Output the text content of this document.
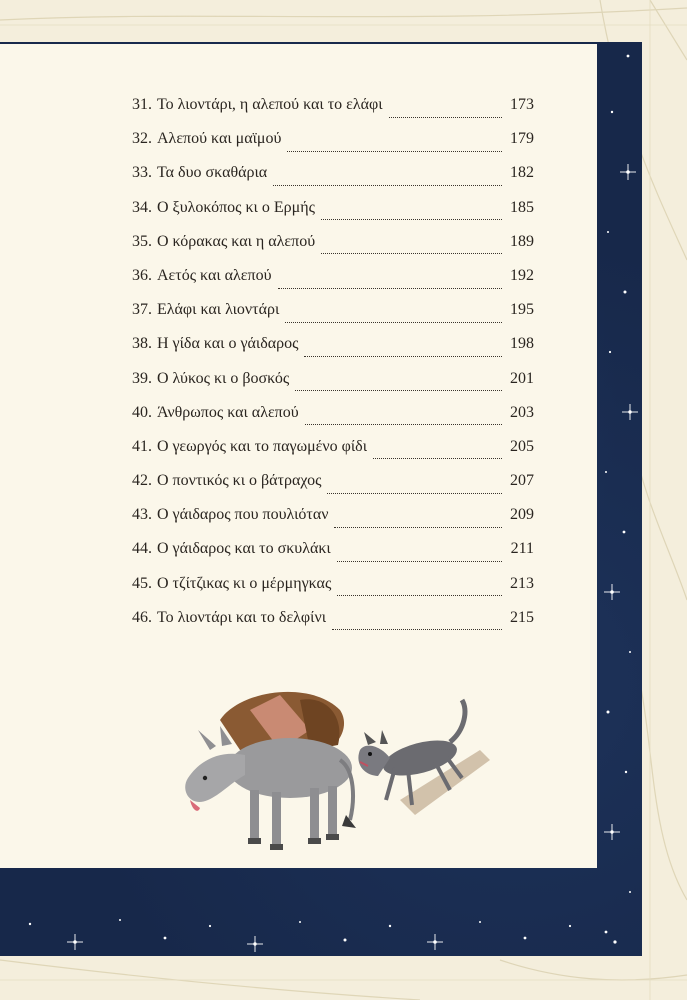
31. Το λιοντάρι, η αλεπού και το ελάφι	173
32. Αλεπού και μαϊμού	179
33. Τα δυο σκαθάρια	182
34. Ο ξυλοκόπος κι ο Ερμής	185
35. Ο κόρακας και η αλεπού	189
36. Αετός και αλεπού	192
37. Ελάφι και λιοντάρι	195
38. Η γίδα και ο γάιδαρος	198
39. Ο λύκος κι ο βοσκός	201
40. Άνθρωπος και αλεπού	203
41. Ο γεωργός και το παγωμένο φίδι	205
42. Ο ποντικός κι ο βάτραχος	207
43. Ο γάιδαρος που πουλιόταν	209
44. Ο γάιδαρος και το σκυλάκι	211
45. Ο τζίτζικας κι ο μέρμηγκας	213
46. Το λιοντάρι και το δελφίνι	215
